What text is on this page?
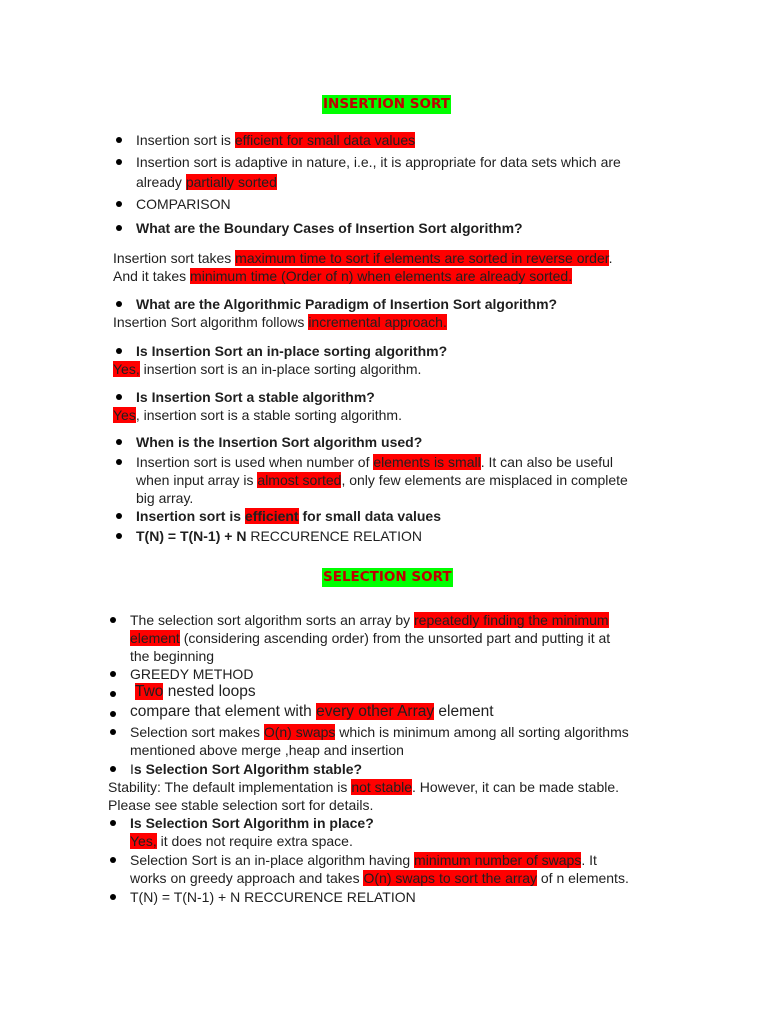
INSERTION SORT
Insertion sort is efficient for small data values
Insertion sort is adaptive in nature, i.e., it is appropriate for data sets which are
already partially sorted
COMPARISON
What are the Boundary Cases of Insertion Sort algorithm?
Insertion sort takes maximum time to sort if elements are sorted in reverse order.
And it takes minimum time (Order of n) when elements are already sorted.
What are the Algorithmic Paradigm of Insertion Sort algorithm?
Insertion Sort algorithm follows incremental approach.
Is Insertion Sort an in-place sorting algorithm?
Yes, insertion sort is an in-place sorting algorithm.
Is Insertion Sort a stable algorithm?
Yes, insertion sort is a stable sorting algorithm.
When is the Insertion Sort algorithm used?
Insertion sort is used when number of elements is small. It can also be useful
when input array is almost sorted, only few elements are misplaced in complete
big array.
Insertion sort is efficient for small data values
T(N) = T(N-1) + N RECCURENCE RELATION
SELECTION SORT
The selection sort algorithm sorts an array by repeatedly finding the minimum
element (considering ascending order) from the unsorted part and putting it at
the beginning
GREEDY METHOD
Two nested loops
compare that element with every other Array element
Selection sort makes O(n) swaps which is minimum among all sorting algorithms
mentioned above merge ,heap and insertion
Is Selection Sort Algorithm stable?
Stability: The default implementation is not stable. However, it can be made stable.
Please see stable selection sort for details.
Is Selection Sort Algorithm in place?
Yes, it does not require extra space.
Selection Sort is an in-place algorithm having minimum number of swaps. It
works on greedy approach and takes O(n) swaps to sort the array of n elements.
T(N) = T(N-1) + N RECCURENCE RELATION
